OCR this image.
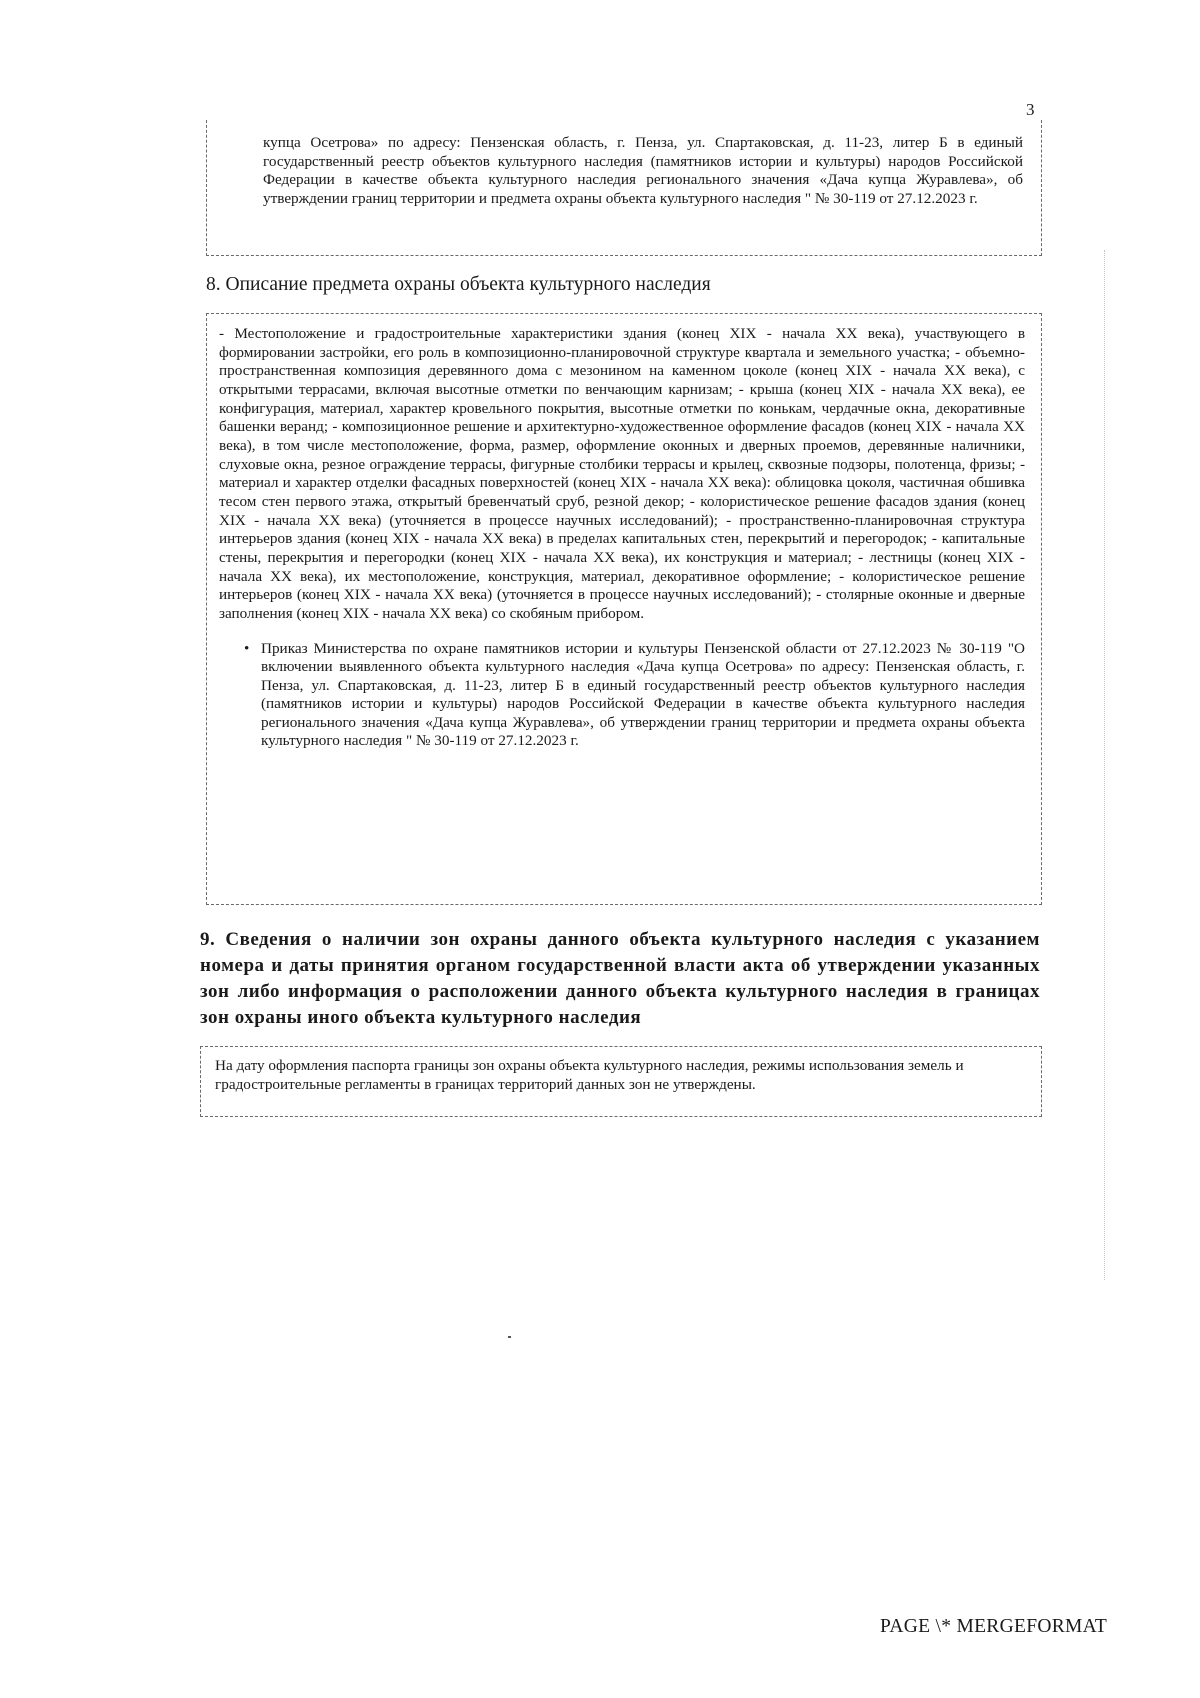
3

купца Осетрова» по адресу: Пензенская область, г. Пенза, ул. Спартаковская, д. 11-23, литер Б в единый государственный реестр объектов культурного наследия (памятников истории и культуры) народов Российской Федерации в качестве объекта культурного наследия регионального значения «Дача купца Журавлева», об утверждении границ территории и предмета охраны объекта культурного наследия " № 30-119 от 27.12.2023 г.

8. Описание предмета охраны объекта культурного наследия

- Местоположение и градостроительные характеристики здания (конец XIX - начала XX века), участвующего в формировании застройки, его роль в композиционно-планировочной структуре квартала и земельного участка; - объемно-пространственная композиция деревянного дома с мезонином на каменном цоколе (конец XIX - начала XX века), с открытыми террасами, включая высотные отметки по венчающим карнизам; - крыша (конец XIX - начала XX века), ее конфигурация, материал, характер кровельного покрытия, высотные отметки по конькам, чердачные окна, декоративные башенки веранд; - композиционное решение и архитектурно-художественное оформление фасадов (конец XIX - начала XX века), в том числе местоположение, форма, размер, оформление оконных и дверных проемов, деревянные наличники, слуховые окна, резное ограждение террасы, фигурные столбики террасы и крылец, сквозные подзоры, полотенца, фризы; - материал и характер отделки фасадных поверхностей (конец XIX - начала XX века): облицовка цоколя, частичная обшивка тесом стен первого этажа, открытый бревенчатый сруб, резной декор; - колористическое решение фасадов здания (конец XIX - начала XX века) (уточняется в процессе научных исследований); - пространственно-планировочная структура интерьеров здания (конец XIX - начала XX века) в пределах капитальных стен, перекрытий и перегородок; - капитальные стены, перекрытия и перегородки (конец XIX - начала XX века), их конструкция и материал; - лестницы (конец XIX - начала XX века), их местоположение, конструкция, материал, декоративное оформление; - колористическое решение интерьеров (конец XIX - начала XX века) (уточняется в процессе научных исследований); - столярные оконные и дверные заполнения (конец XIX - начала XX века) со скобяным прибором.

• Приказ Министерства по охране памятников истории и культуры Пензенской области от 27.12.2023 № 30-119 "О включении выявленного объекта культурного наследия «Дача купца Осетрова» по адресу: Пензенская область, г. Пенза, ул. Спартаковская, д. 11-23, литер Б в единый государственный реестр объектов культурного наследия (памятников истории и культуры) народов Российской Федерации в качестве объекта культурного наследия регионального значения «Дача купца Журавлева», об утверждении границ территории и предмета охраны объекта культурного наследия " № 30-119 от 27.12.2023 г.
9. Сведения о наличии зон охраны данного объекта культурного наследия с указанием номера и даты принятия органом государственной власти акта об утверждении указанных зон либо информация о расположении данного объекта культурного наследия в границах зон охраны иного объекта культурного наследия

На дату оформления паспорта границы зон охраны объекта культурного наследия, режимы использования земель и градостроительные регламенты в границах территорий данных зон не утверждены.

PAGE \* MERGEFORMAT
